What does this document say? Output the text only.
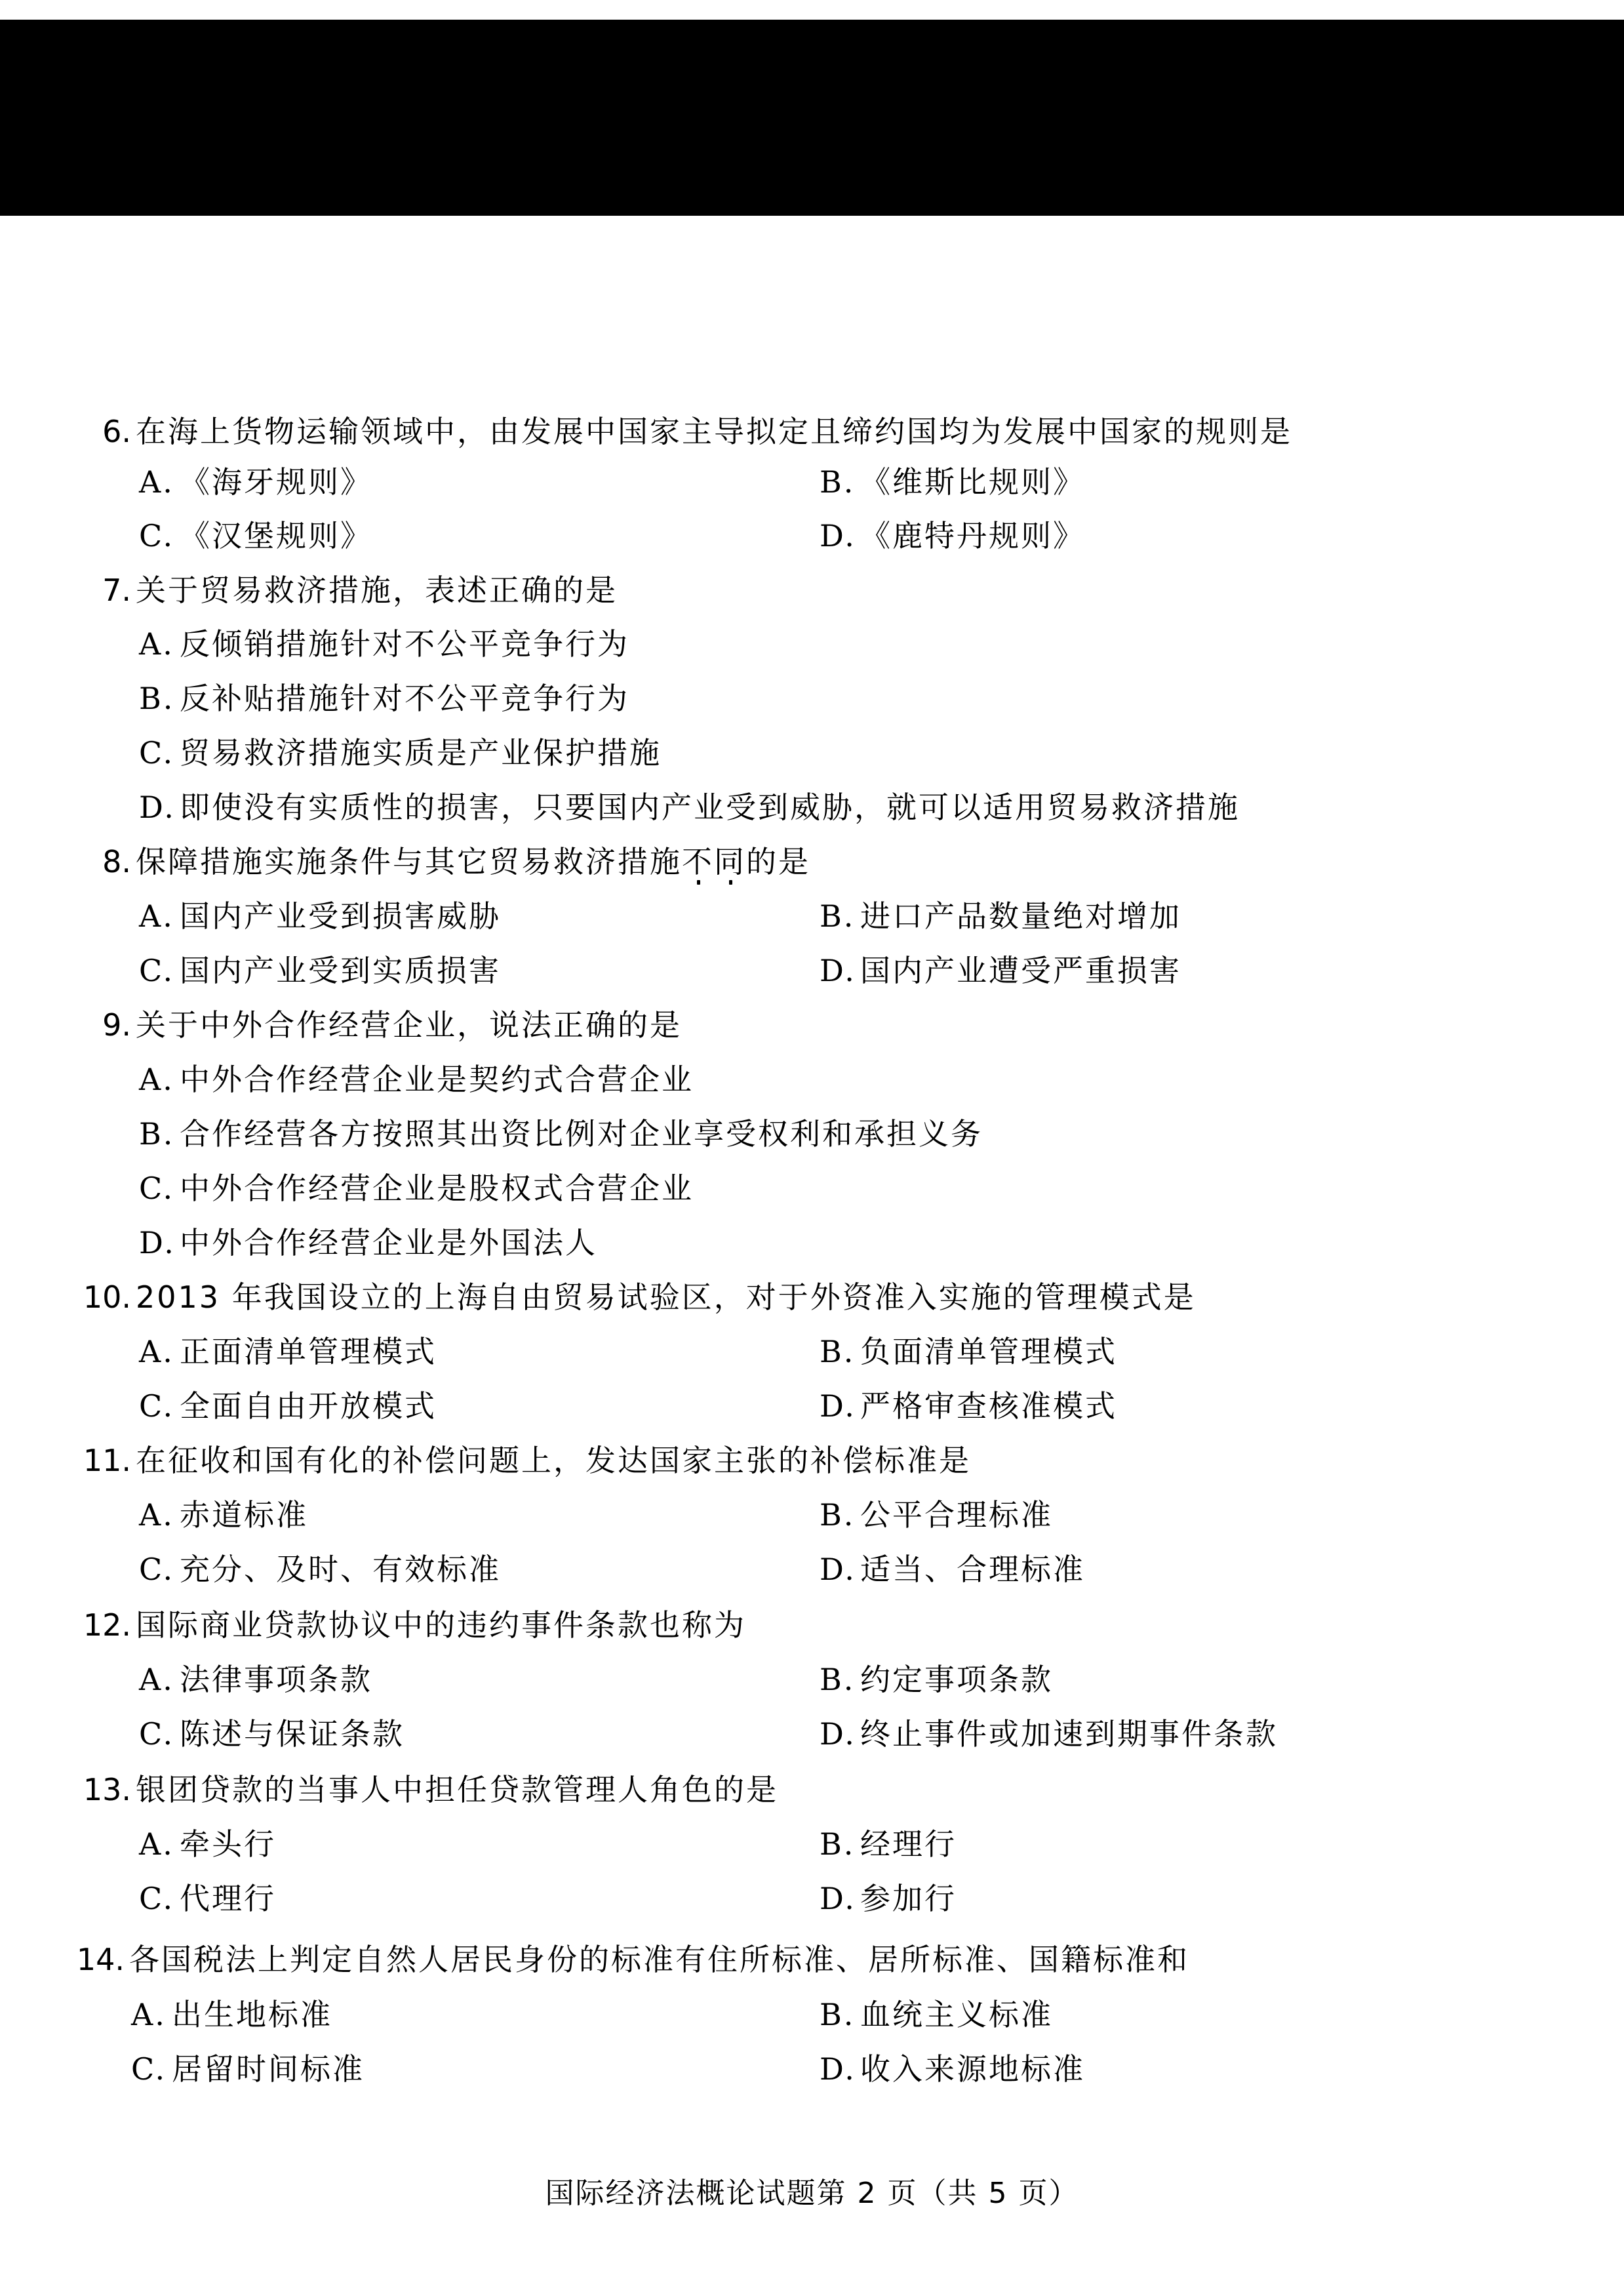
6. 在海上货物运输领域中，由发展中国家主导拟定且缔约国均为发展中国家的规则是
A. 《海牙规则》	B. 《维斯比规则》
C. 《汉堡规则》	D. 《鹿特丹规则》
7. 关于贸易救济措施，表述正确的是
A. 反倾销措施针对不公平竞争行为
B. 反补贴措施针对不公平竞争行为
C. 贸易救济措施实质是产业保护措施
D. 即使没有实质性的损害，只要国内产业受到威胁，就可以适用贸易救济措施
8. 保障措施实施条件与其它贸易救济措施不同的是
A. 国内产业受到损害威胁	B. 进口产品数量绝对增加
C. 国内产业受到实质损害	D. 国内产业遭受严重损害
9. 关于中外合作经营企业，说法正确的是
A. 中外合作经营企业是契约式合营企业
B. 合作经营各方按照其出资比例对企业享受权利和承担义务
C. 中外合作经营企业是股权式合营企业
D. 中外合作经营企业是外国法人
10. 2013 年我国设立的上海自由贸易试验区，对于外资准入实施的管理模式是
A. 正面清单管理模式	B. 负面清单管理模式
C. 全面自由开放模式	D. 严格审查核准模式
11. 在征收和国有化的补偿问题上，发达国家主张的补偿标准是
A. 赤道标准	B. 公平合理标准
C. 充分、及时、有效标准	D. 适当、合理标准
12. 国际商业贷款协议中的违约事件条款也称为
A. 法律事项条款	B. 约定事项条款
C. 陈述与保证条款	D. 终止事件或加速到期事件条款
13. 银团贷款的当事人中担任贷款管理人角色的是
A. 牵头行	B. 经理行
C. 代理行	D. 参加行
14. 各国税法上判定自然人居民身份的标准有住所标准、居所标准、国籍标准和
A. 出生地标准	B. 血统主义标准
C. 居留时间标准	D. 收入来源地标准
国际经济法概论试题第 2 页（共 5 页）
